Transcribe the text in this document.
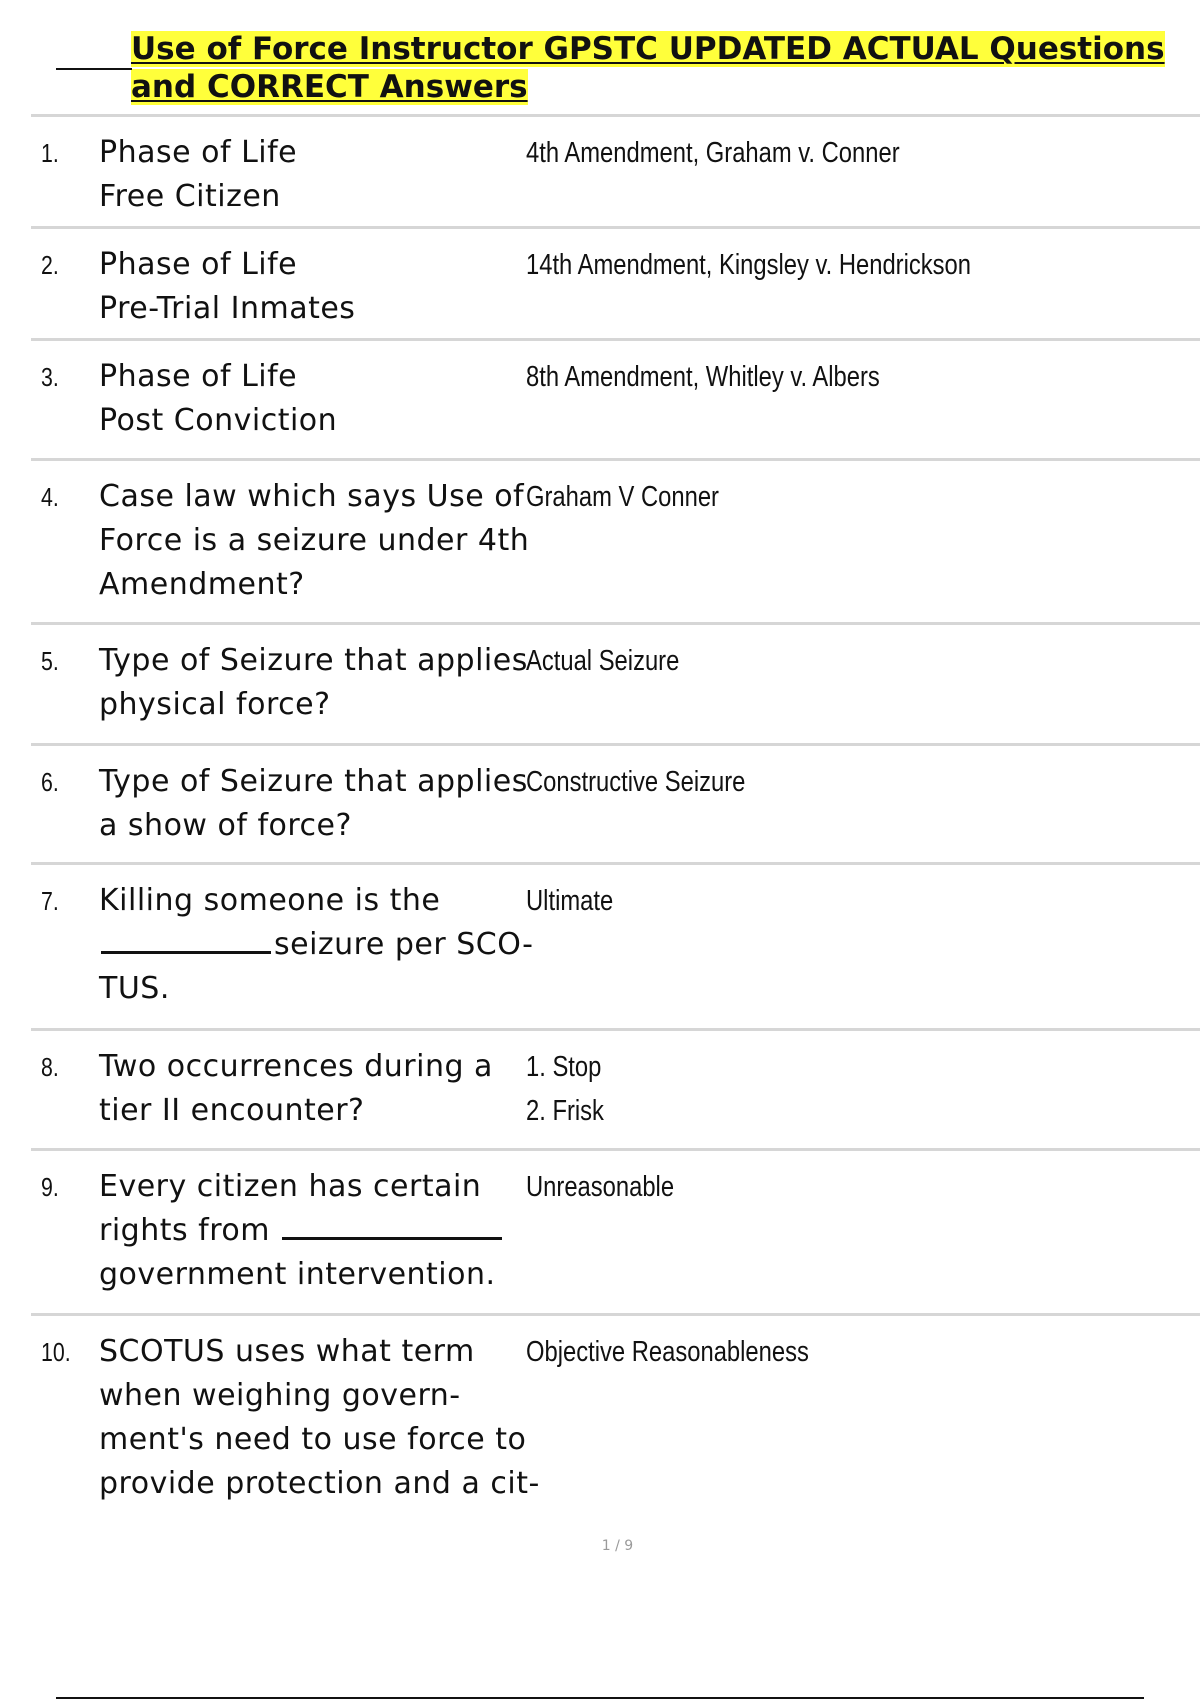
Use of Force Instructor GPSTC UPDATED ACTUAL Questions and CORRECT Answers
1. Phase of Life
Free Citizen
4th Amendment, Graham v. Conner
2. Phase of Life
Pre-Trial Inmates
14th Amendment, Kingsley v. Hendrickson
3. Phase of Life
Post Conviction
8th Amendment, Whitley v. Albers
4. Case law which says Use of
Force is a seizure under 4th
Amendment?
Graham V Conner
5. Type of Seizure that applies
physical force?
Actual Seizure
6. Type of Seizure that applies
a show of force?
Constructive Seizure
7. Killing someone is the
seizure per SCO-
TUS.
Ultimate
8. Two occurrences during a
tier II encounter?
1. Stop
2. Frisk
9. Every citizen has certain
rights from
government intervention.
Unreasonable
10. SCOTUS uses what term
when weighing govern-
ment's need to use force to
provide protection and a cit-
Objective Reasonableness
1 / 9
